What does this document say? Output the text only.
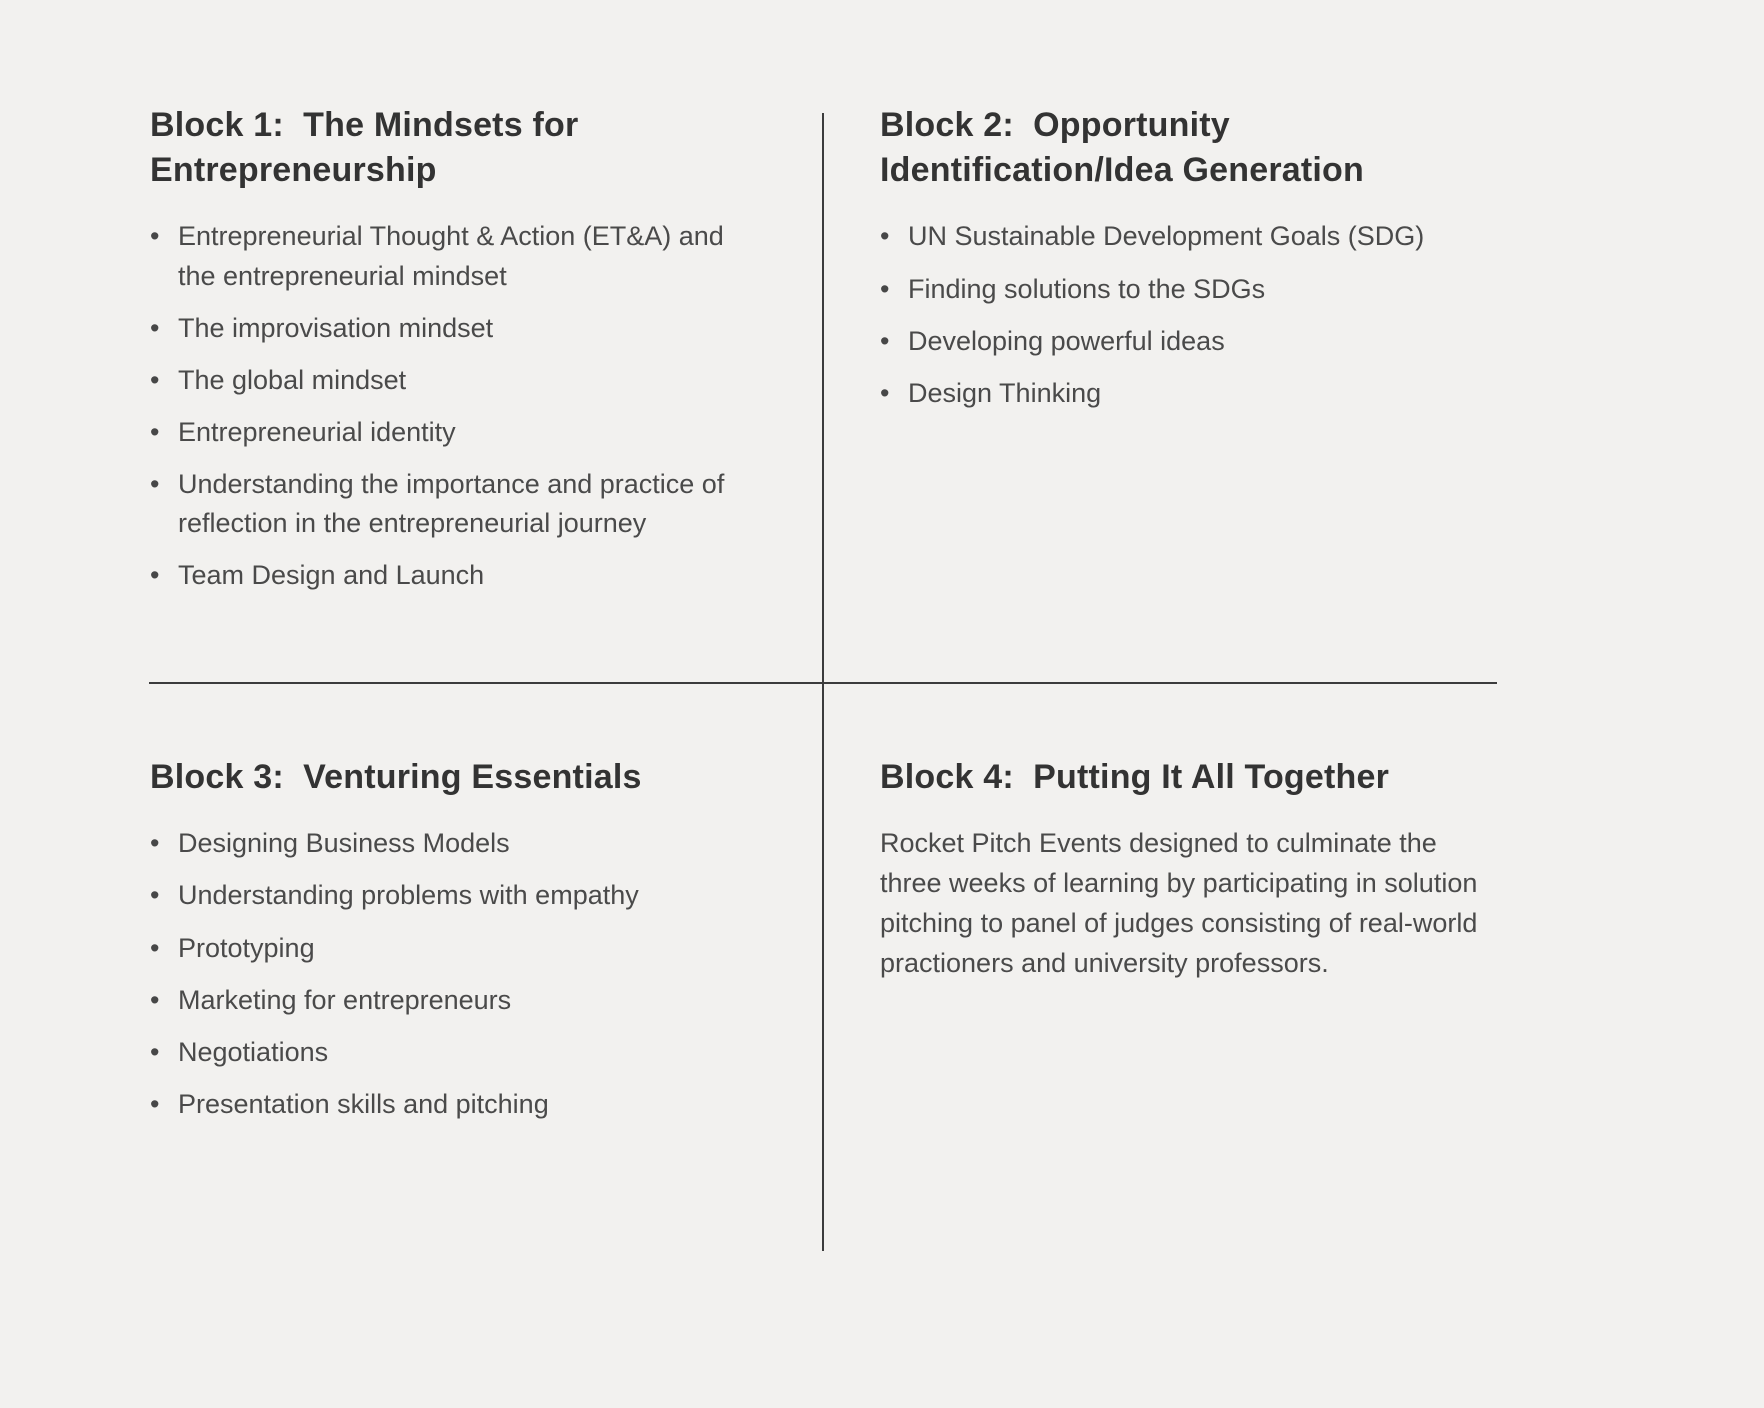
Block 1:  The Mindsets for Entrepreneurship
• Entrepreneurial Thought & Action (ET&A) and the entrepreneurial mindset
• The improvisation mindset
• The global mindset
• Entrepreneurial identity
• Understanding the importance and practice of reflection in the entrepreneurial journey
• Team Design and Launch
Block 2:  Opportunity Identification/Idea Generation
• UN Sustainable Development Goals (SDG)
• Finding solutions to the SDGs
• Developing powerful ideas
• Design Thinking
Block 3:  Venturing Essentials
• Designing Business Models
• Understanding problems with empathy
• Prototyping
• Marketing for entrepreneurs
• Negotiations
• Presentation skills and pitching
Block 4:  Putting It All Together

Rocket Pitch Events designed to culminate the three weeks of learning by participating in solution pitching to panel of judges consisting of real-world practioners and university professors.
